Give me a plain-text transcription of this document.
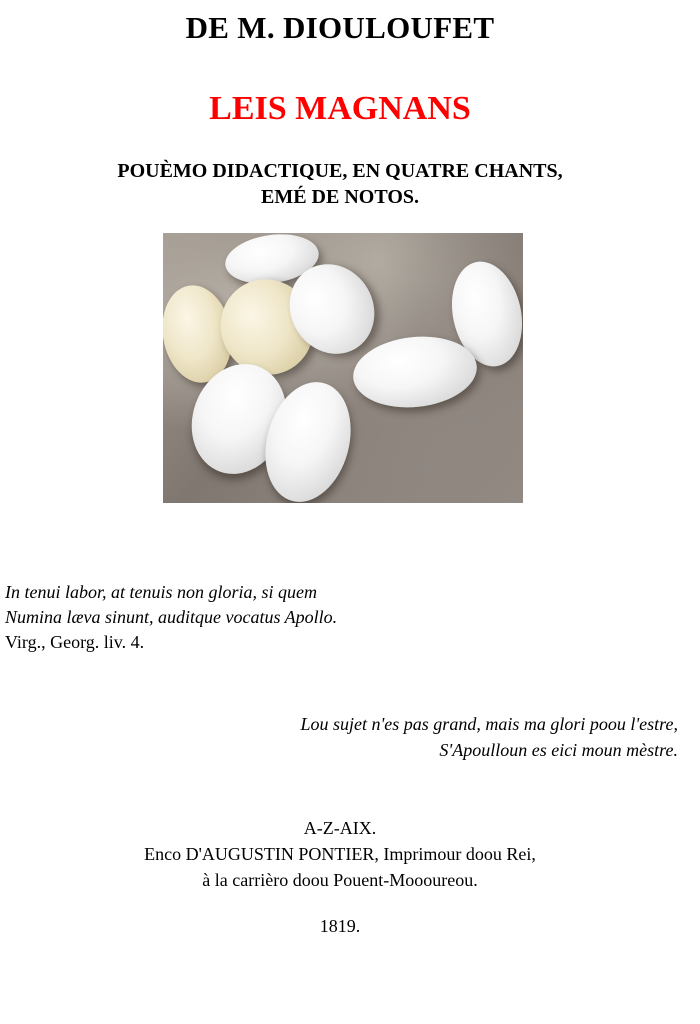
DE M. DIOULOUFET
LEIS MAGNANS
POUÈMO DIDACTIQUE, EN QUATRE CHANTS,
EMÉ DE NOTOS.
In tenui labor, at tenuis non gloria, si quem
Numina læva sinunt, auditque vocatus Apollo.
Virg., Georg. liv. 4.
Lou sujet n'es pas grand, mais ma glori poou l'estre,
S'Apoulloun es eici moun mèstre.
A-Z-AIX.
Enco D'AUGUSTIN PONTIER, Imprimour doou Rei,
à la carrièro doou Pouent-Moooureou.
1819.
